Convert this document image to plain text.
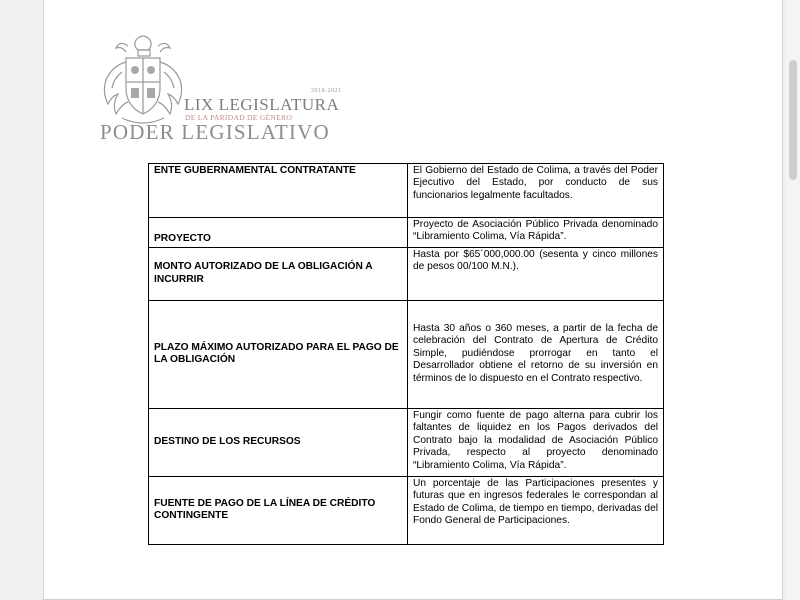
2018-2021
LIX LEGISLATURA
DE LA PARIDAD DE GÉNERO
PODER LEGISLATIVO
ENTE GUBERNAMENTAL CONTRATANTE	El Gobierno del Estado de Colima, a través del Poder Ejecutivo del Estado, por conducto de sus funcionarios legalmente facultados.
PROYECTO	Proyecto de Asociación Público Privada denominado “Libramiento Colima, Vía Rápida”.
MONTO AUTORIZADO DE LA OBLIGACIÓN A INCURRIR	Hasta por $65´000,000.00 (sesenta y cinco millones de pesos 00/100 M.N.).
PLAZO MÁXIMO AUTORIZADO PARA EL PAGO DE LA OBLIGACIÓN	Hasta 30 años o 360 meses, a partir de la fecha de celebración del Contrato de Apertura de Crédito Simple, pudiéndose prorrogar en tanto el Desarrollador obtiene el retorno de su inversión en términos de lo dispuesto en el Contrato respectivo.
DESTINO DE LOS RECURSOS	Fungir como fuente de pago alterna para cubrir los faltantes de liquidez en los Pagos derivados del Contrato bajo la modalidad de Asociación Público Privada, respecto al proyecto denominado “Libramiento Colima, Vía Rápida”.
FUENTE DE PAGO DE LA LÍNEA DE CRÉDITO CONTINGENTE	Un porcentaje de las Participaciones presentes y futuras que en ingresos federales le correspondan al Estado de Colima, de tiempo en tiempo, derivadas del Fondo General de Participaciones.
